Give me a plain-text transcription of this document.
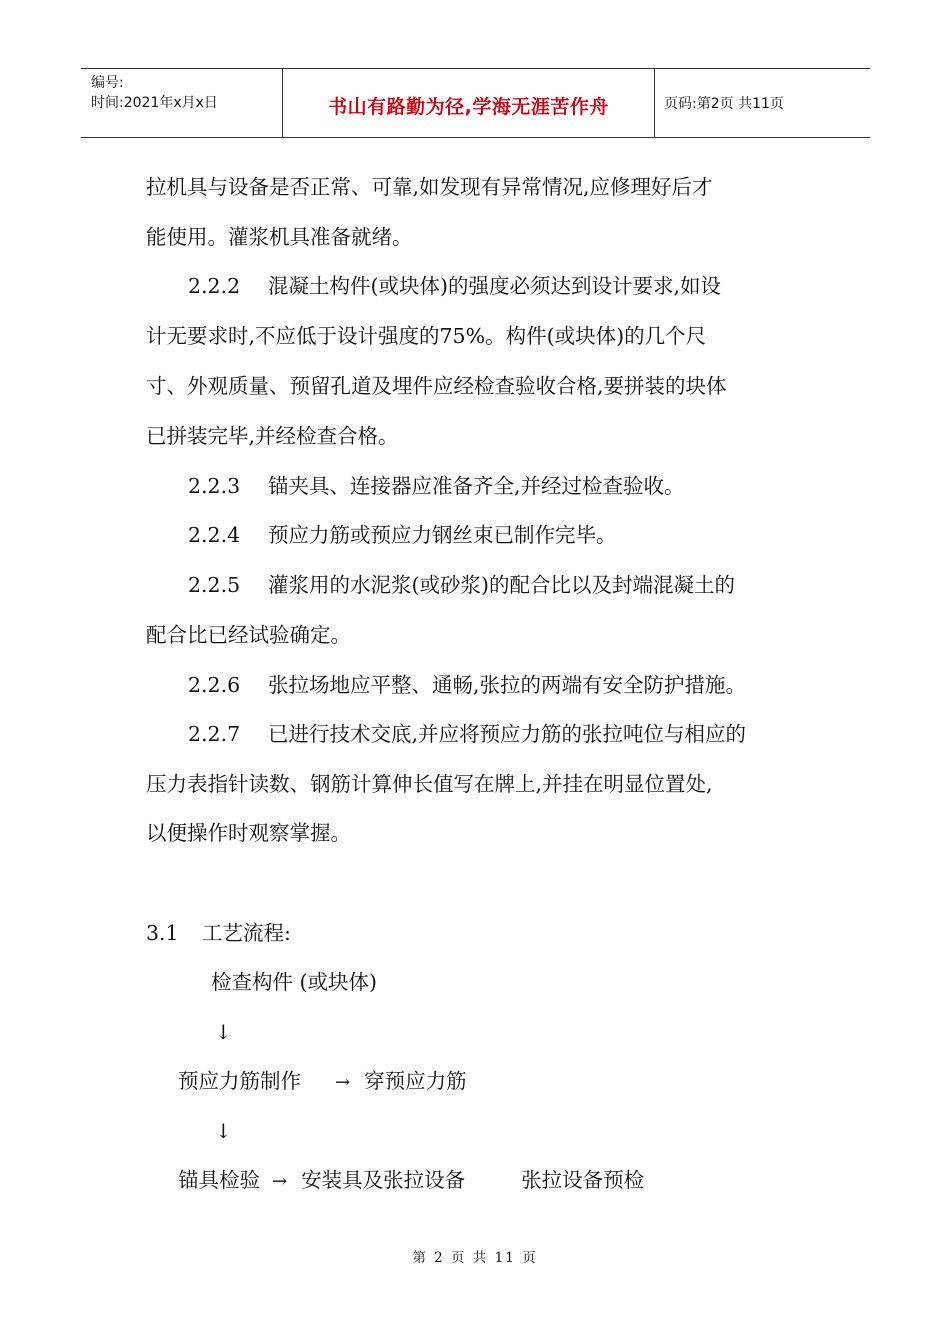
编号:
时间:2021年x月x日	书山有路勤为径,学海无涯苦作舟	页码:第2页 共11页
拉机具与设备是否正常、可靠,如发现有异常情况,应修理好后才
能使用。灌浆机具准备就绪。
2.2.2 混凝土构件(或块体)的强度必须达到设计要求,如设
计无要求时,不应低于设计强度的75%。构件(或块体)的几个尺
寸、外观质量、预留孔道及埋件应经检查验收合格,要拼装的块体
已拼装完毕,并经检查合格。
2.2.3 锚夹具、连接器应准备齐全,并经过检查验收。
2.2.4 预应力筋或预应力钢丝束已制作完毕。
2.2.5 灌浆用的水泥浆(或砂浆)的配合比以及封端混凝土的
配合比已经试验确定。
2.2.6 张拉场地应平整、通畅,张拉的两端有安全防护措施。
2.2.7 已进行技术交底,并应将预应力筋的张拉吨位与相应的
压力表指针读数、钢筋计算伸长值写在牌上,并挂在明显位置处,
以便操作时观察掌握。
3.1 工艺流程:
检查构件 (或块体)
↓
预应力筋制作 → 穿预应力筋
↓
锚具检验 → 安装具及张拉设备	张拉设备预检
第 2 页 共 11 页
